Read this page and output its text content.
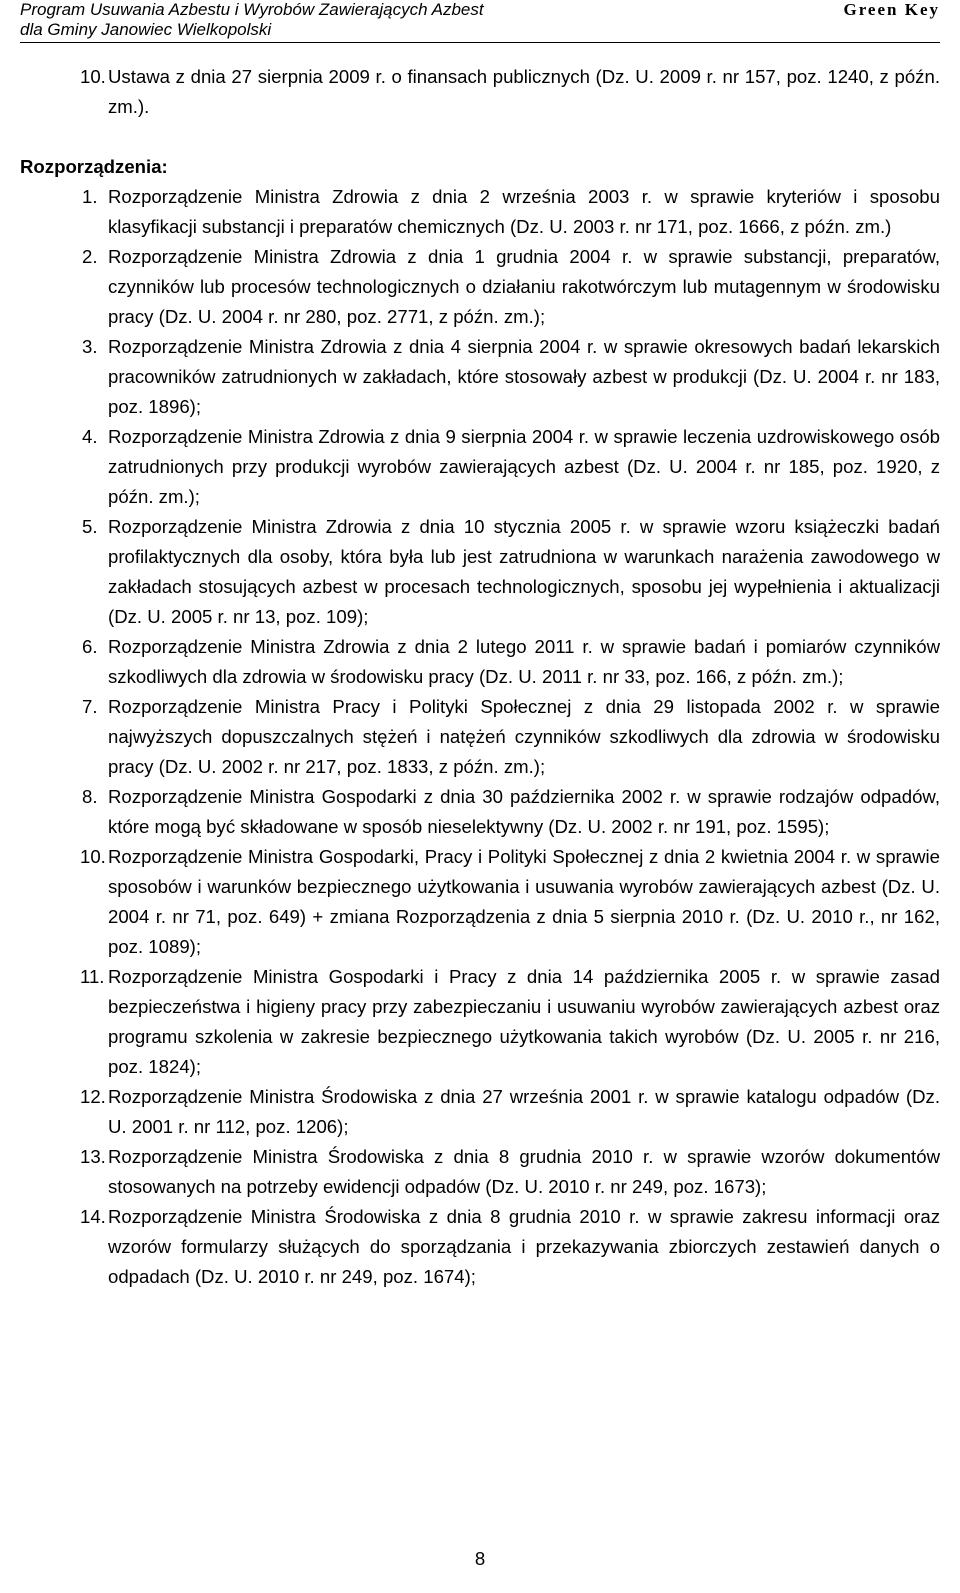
Program Usuwania Azbestu i Wyrobów Zawierających Azbest
dla Gminy Janowiec Wielkopolski
Green Key
10. Ustawa z dnia 27 sierpnia 2009 r. o finansach publicznych (Dz. U. 2009 r. nr 157, poz. 1240, z późn. zm.).
Rozporządzenia:
1. Rozporządzenie Ministra Zdrowia z dnia 2 września 2003 r. w sprawie kryteriów i sposobu klasyfikacji substancji i preparatów chemicznych (Dz. U. 2003 r. nr 171, poz. 1666, z późn. zm.)
2. Rozporządzenie Ministra Zdrowia z dnia 1 grudnia 2004 r. w sprawie substancji, preparatów, czynników lub procesów technologicznych o działaniu rakotwórczym lub mutagennym w środowisku pracy (Dz. U. 2004 r. nr 280, poz. 2771, z późn. zm.);
3. Rozporządzenie Ministra Zdrowia z dnia 4 sierpnia 2004 r. w sprawie okresowych badań lekarskich pracowników zatrudnionych w zakładach, które stosowały azbest w produkcji (Dz. U. 2004 r. nr 183, poz. 1896);
4. Rozporządzenie Ministra Zdrowia z dnia 9 sierpnia 2004 r. w sprawie leczenia uzdrowiskowego osób zatrudnionych przy produkcji wyrobów zawierających azbest (Dz. U. 2004 r. nr 185, poz. 1920, z późn. zm.);
5. Rozporządzenie Ministra Zdrowia z dnia 10 stycznia 2005 r. w sprawie wzoru książeczki badań profilaktycznych dla osoby, która była lub jest zatrudniona w warunkach narażenia zawodowego w zakładach stosujących azbest w procesach technologicznych, sposobu jej wypełnienia i aktualizacji (Dz. U. 2005 r. nr 13, poz. 109);
6. Rozporządzenie Ministra Zdrowia z dnia 2 lutego 2011 r. w sprawie badań i pomiarów czynników szkodliwych dla zdrowia w środowisku pracy (Dz. U. 2011 r. nr 33, poz. 166, z późn. zm.);
7. Rozporządzenie Ministra Pracy i Polityki Społecznej z dnia 29 listopada 2002 r. w sprawie najwyższych dopuszczalnych stężeń i natężeń czynników szkodliwych dla zdrowia w środowisku pracy (Dz. U. 2002 r. nr 217, poz. 1833, z późn. zm.);
8. Rozporządzenie Ministra Gospodarki z dnia 30 października 2002 r. w sprawie rodzajów odpadów, które mogą być składowane w sposób nieselektywny (Dz. U. 2002 r. nr 191, poz. 1595);
10. Rozporządzenie Ministra Gospodarki, Pracy i Polityki Społecznej z dnia 2 kwietnia 2004 r. w sprawie sposobów i warunków bezpiecznego użytkowania i usuwania wyrobów zawierających azbest (Dz. U. 2004 r. nr 71, poz. 649) + zmiana Rozporządzenia z dnia 5 sierpnia 2010 r. (Dz. U. 2010 r., nr 162, poz. 1089);
11. Rozporządzenie Ministra Gospodarki i Pracy z dnia 14 października 2005 r. w sprawie zasad bezpieczeństwa i higieny pracy przy zabezpieczaniu i usuwaniu wyrobów zawierających azbest oraz programu szkolenia w zakresie bezpiecznego użytkowania takich wyrobów (Dz. U. 2005 r. nr 216, poz. 1824);
12. Rozporządzenie Ministra Środowiska z dnia 27 września 2001 r. w sprawie katalogu odpadów (Dz. U. 2001 r. nr 112, poz. 1206);
13. Rozporządzenie Ministra Środowiska z dnia 8 grudnia 2010 r. w sprawie wzorów dokumentów stosowanych na potrzeby ewidencji odpadów (Dz. U. 2010 r. nr 249, poz. 1673);
14. Rozporządzenie Ministra Środowiska z dnia 8 grudnia 2010 r. w sprawie zakresu informacji oraz wzorów formularzy służących do sporządzania i przekazywania zbiorczych zestawień danych o odpadach (Dz. U. 2010 r. nr 249, poz. 1674);
8
